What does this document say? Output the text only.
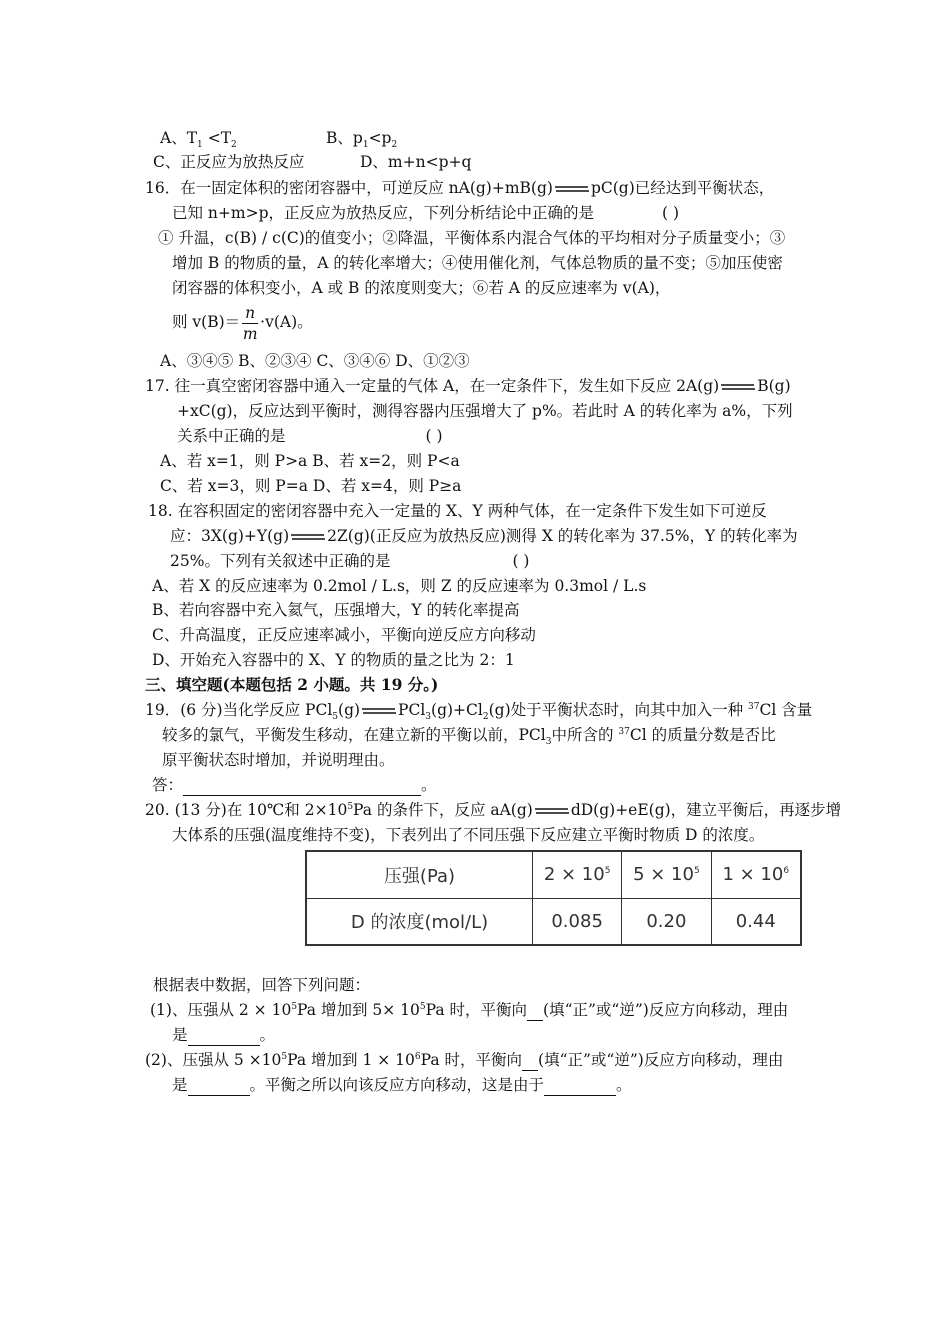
A、$T_1 <T_2$	B、$p_1<p_2$
C、正反应为放热反应	D、m+n<p+q
16．在一固定体积的密闭容器中，可逆反应 nA(g)+mB(g) pC(g)已经达到平衡状态，
已知 n+m>p，正反应为放热反应，下列分析结论中正确的是	( )
① 升温，c(B) / c(C)的值变小；②降温，平衡体系内混合气体的平均相对分子质量变小；③
增加 B 的物质的量，A 的转化率增大；④使用催化剂，气体总物质的量不变；⑤加压使密
闭容器的体积变小，A 或 B 的浓度则变大；⑥若 A 的反应速率为 v(A)，
则 $v(B)= \frac{n}{m} \cdot v(A)$。
A、③④⑤ B、②③④ C、③④⑥ D、①②③
17. 往一真空密闭容器中通入一定量的气体 A，在一定条件下，发生如下反应 2A(g) B(g)
+xC(g)，反应达到平衡时，测得容器内压强增大了 p%。若此时 A 的转化率为 a%，下列
关系中正确的是	( )
A、若 x=1，则 P>a B、若 x=2，则 P<a
C、若 x=3，则 P=a D、若 x=4，则 P≥a
18. 在容积固定的密闭容器中充入一定量的 X、Y 两种气体，在一定条件下发生如下可逆反
应：3X(g)+Y(g) 2Z(g)(正反应为放热反应)测得 X 的转化率为 37.5%，Y 的转化率为
25%。下列有关叙述中正确的是	( )
A、若 X 的反应速率为 0.2mol / L.s，则 Z 的反应速率为 0.3mol / L.s
B、若向容器中充入氦气，压强增大，Y 的转化率提高
C、升高温度，正反应速率减小，平衡向逆反应方向移动
D、开始充入容器中的 X、Y 的物质的量之比为 2：1
三、填空题(本题包括 2 小题。共 19 分。)
19．(6 分)当化学反应 PCl$_5$(g) $PCl_3(g)+Cl_2(g)$处于平衡状态时，向其中加入一种 $^{37}$Cl 含量
较多的氯气，平衡发生移动，在建立新的平衡以前，PCl$_3$中所含的 $^{37}$Cl 的质量分数是否比
原平衡状态时增加，并说明理由。
答：	。
20. (13 分)在 10℃和 $2\times 10^5Pa$ 的条件下，反应 aA(g) dD(g)+eE(g)，建立平衡后，再逐步增
大体系的压强(温度维持不变)，下表列出了不同压强下反应建立平衡时物质 D 的浓度。
压强(Pa)	$2 \times 10^5$	$5 \times 10^5$	$1 \times 10^6$
D 的浓度(mol/L)	0.085	0.20	0.44
根据表中数据，回答下列问题：
(1)、压强从 $2 \times 10^5Pa$ 增加到 $5\times 10^5Pa$ 时，平衡向 (填“正”或“逆”)反应方向移动，理由
是	。
(2)、压强从 $5 \times 10^5Pa$ 增加到 $1 \times 10^6Pa$ 时，平衡向 (填“正”或“逆”)反应方向移动，理由
是	。平衡之所以向该反应方向移动，这是由于	。
